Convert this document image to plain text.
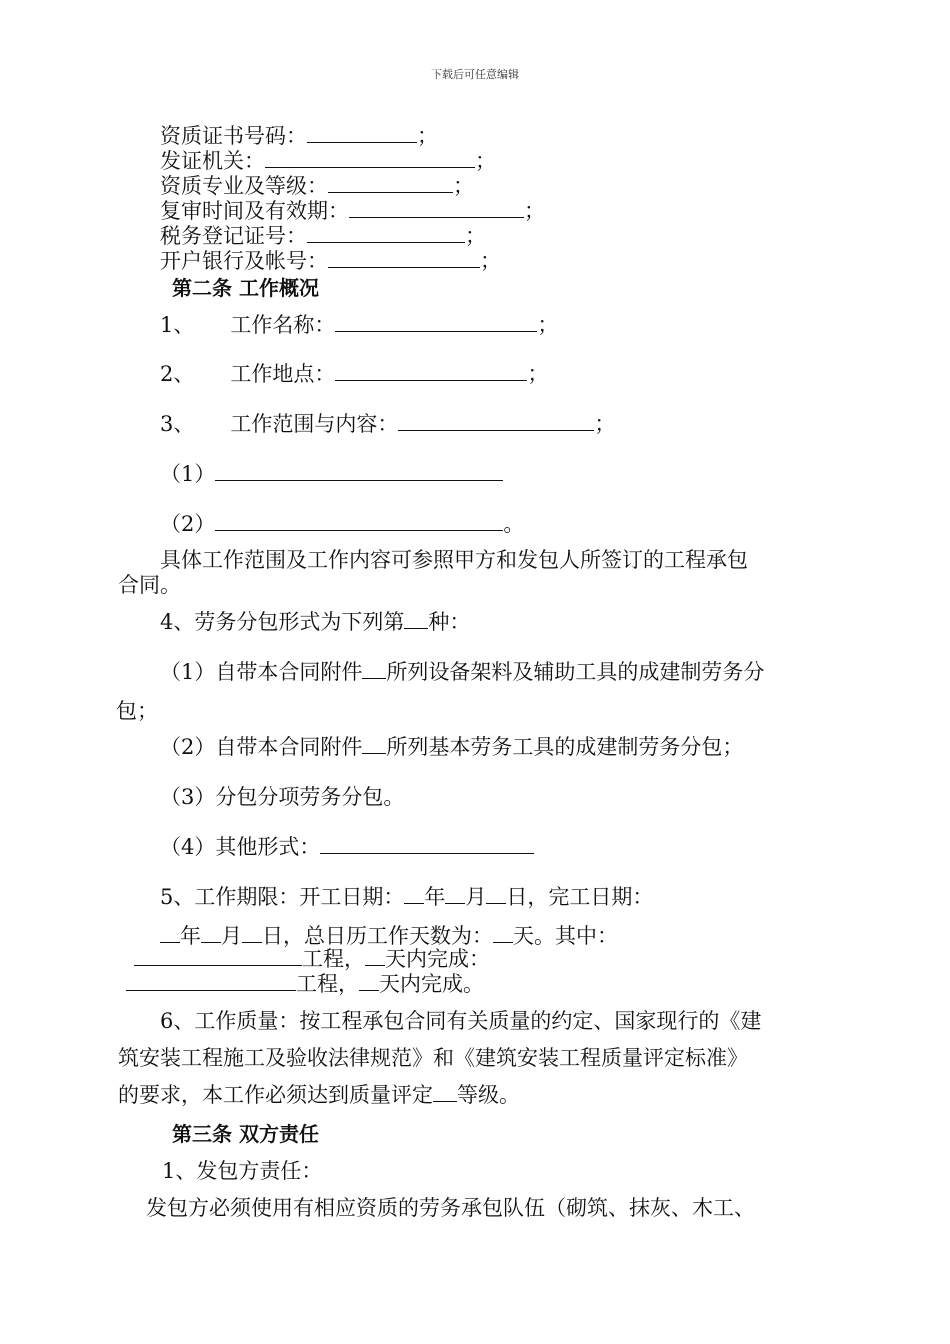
下载后可任意编辑
资质证书号码：	；
发证机关：	；
资质专业及等级：	；
复审时间及有效期：	；
税务登记证号：	；
开户银行及帐号：	；
第二条 工作概况
1、 工作名称：	；
2、 工作地点：	；
3、 工作范围与内容：	；
（1）
（2）	。
具体工作范围及工作内容可参照甲方和发包人所签订的工程承包
合同。
4、劳务分包形式为下列第 种：
（1）自带本合同附件 所列设备架料及辅助工具的成建制劳务分
包；
（2）自带本合同附件 所列基本劳务工具的成建制劳务分包；
（3）分包分项劳务分包。
（4）其他形式：
5、工作期限：开工日期： 年 月 日，完工日期：
年 月 日，总日历工作天数为： 天。其中：
工程， 天内完成：
工程， 天内完成。
6、工作质量：按工程承包合同有关质量的约定、国家现行的《建
筑安装工程施工及验收法律规范》和《建筑安装工程质量评定标准》
的要求，本工作必须达到质量评定 等级。
第三条 双方责任
1、发包方责任：
发包方必须使用有相应资质的劳务承包队伍（砌筑、抹灰、木工、
